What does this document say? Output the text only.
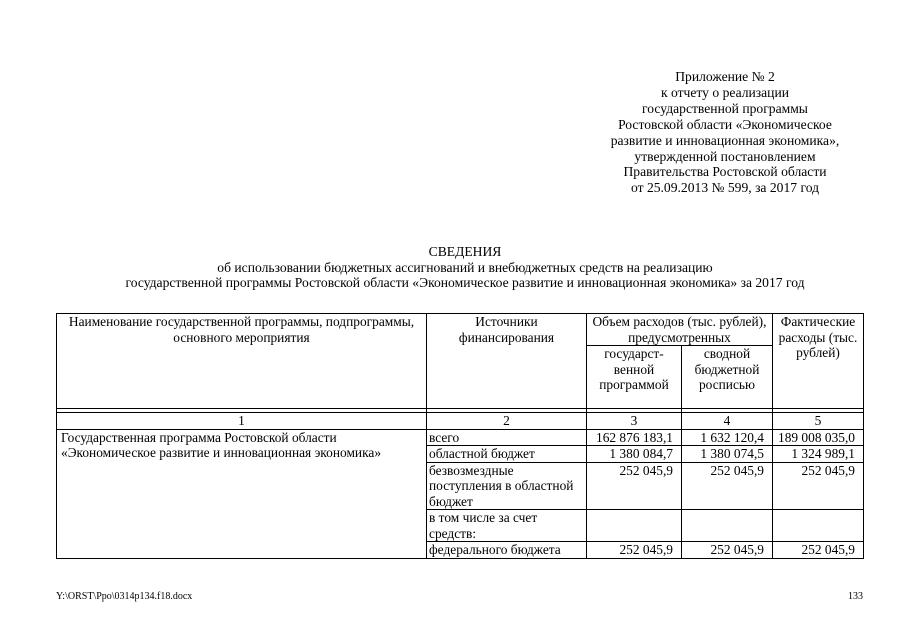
Приложение № 2
к отчету о реализации
государственной программы
Ростовской области «Экономическое
развитие и инновационная экономика»,
утвержденной постановлением
Правительства Ростовской области
от 25.09.2013 № 599, за 2017 год
СВЕДЕНИЯ
об использовании бюджетных ассигнований и внебюджетных средств на реализацию
государственной программы Ростовской области «Экономическое развитие и инновационная экономика» за 2017 год
Наименование государственной программы, подпрограммы, основного мероприятия	Источники финансирования	Объем расходов (тыс. рублей), предусмотренных		Фактические расходы (тыс. рублей)
		государст-венной программой	сводной бюджетной росписью	

1	2	3	4	5
Государственная программа Ростовской области «Экономическое развитие и инновационная экономика»	всего	162 876 183,1	1 632 120,4	189 008 035,0
	областной бюджет	1 380 084,7	1 380 074,5	1 324 989,1
	безвозмездные поступления в областной бюджет	252 045,9	252 045,9	252 045,9
	в том числе за счет средств:			
	федерального бюджета	252 045,9	252 045,9	252 045,9
Y:\ORST\Ppo\0314p134.f18.docx	133
